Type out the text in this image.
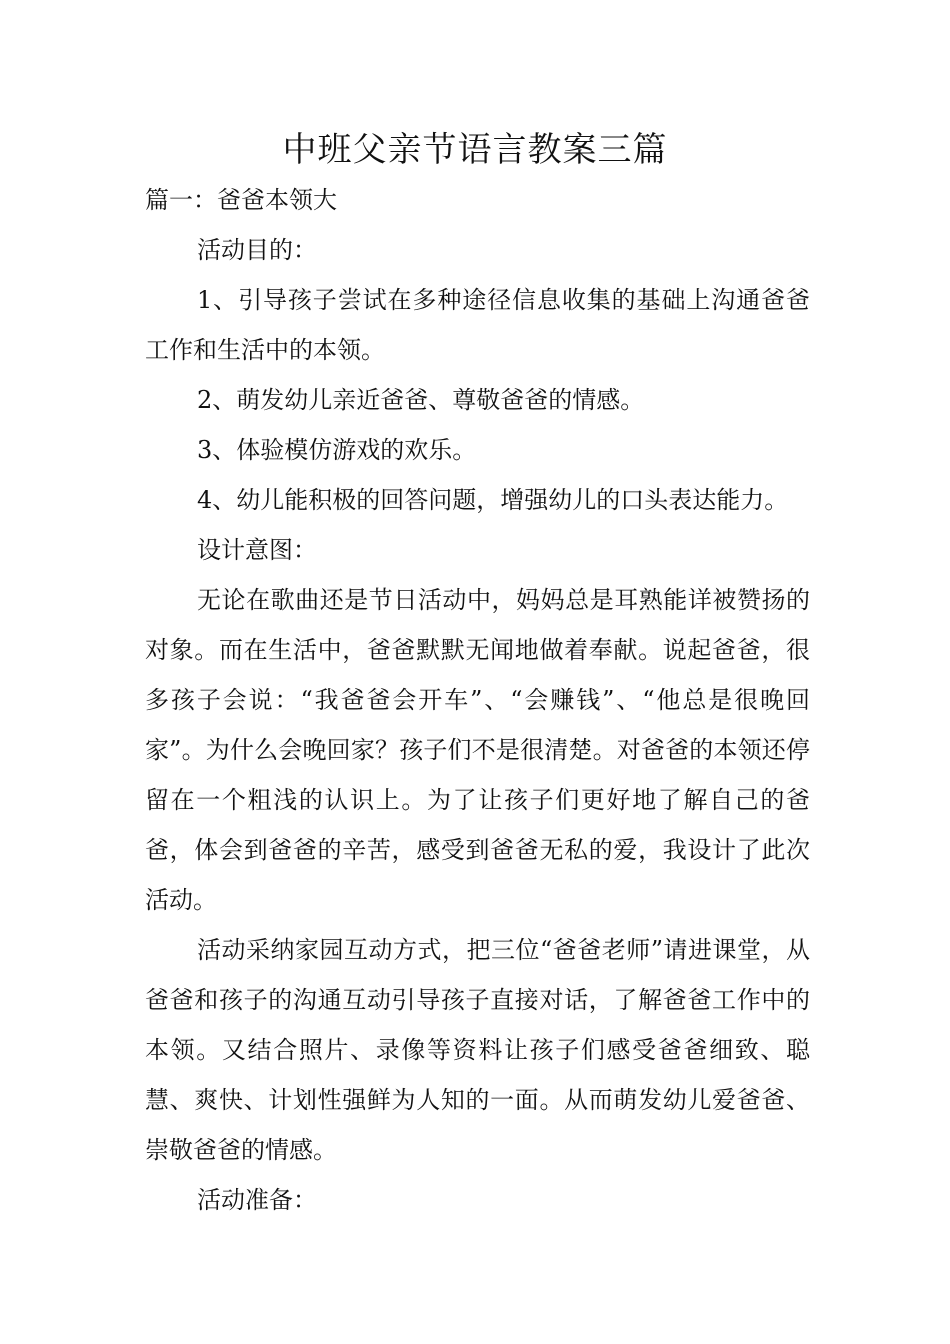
中班父亲节语言教案三篇

篇一：爸爸本领大

活动目的：

1、引导孩子尝试在多种途径信息收集的基础上沟通爸爸工作和生活中的本领。

2、萌发幼儿亲近爸爸、尊敬爸爸的情感。

3、体验模仿游戏的欢乐。

4、幼儿能积极的回答问题，增强幼儿的口头表达能力。

设计意图：

无论在歌曲还是节日活动中，妈妈总是耳熟能详被赞扬的对象。而在生活中，爸爸默默无闻地做着奉献。说起爸爸，很多孩子会说：“我爸爸会开车”、“会赚钱”、“他总是很晚回家”。为什么会晚回家？孩子们不是很清楚。对爸爸的本领还停留在一个粗浅的认识上。为了让孩子们更好地了解自己的爸爸，体会到爸爸的辛苦，感受到爸爸无私的爱，我设计了此次活动。

活动采纳家园互动方式，把三位“爸爸老师”请进课堂，从爸爸和孩子的沟通互动引导孩子直接对话，了解爸爸工作中的本领。又结合照片、录像等资料让孩子们感受爸爸细致、聪慧、爽快、计划性强鲜为人知的一面。从而萌发幼儿爱爸爸、崇敬爸爸的情感。

活动准备：
